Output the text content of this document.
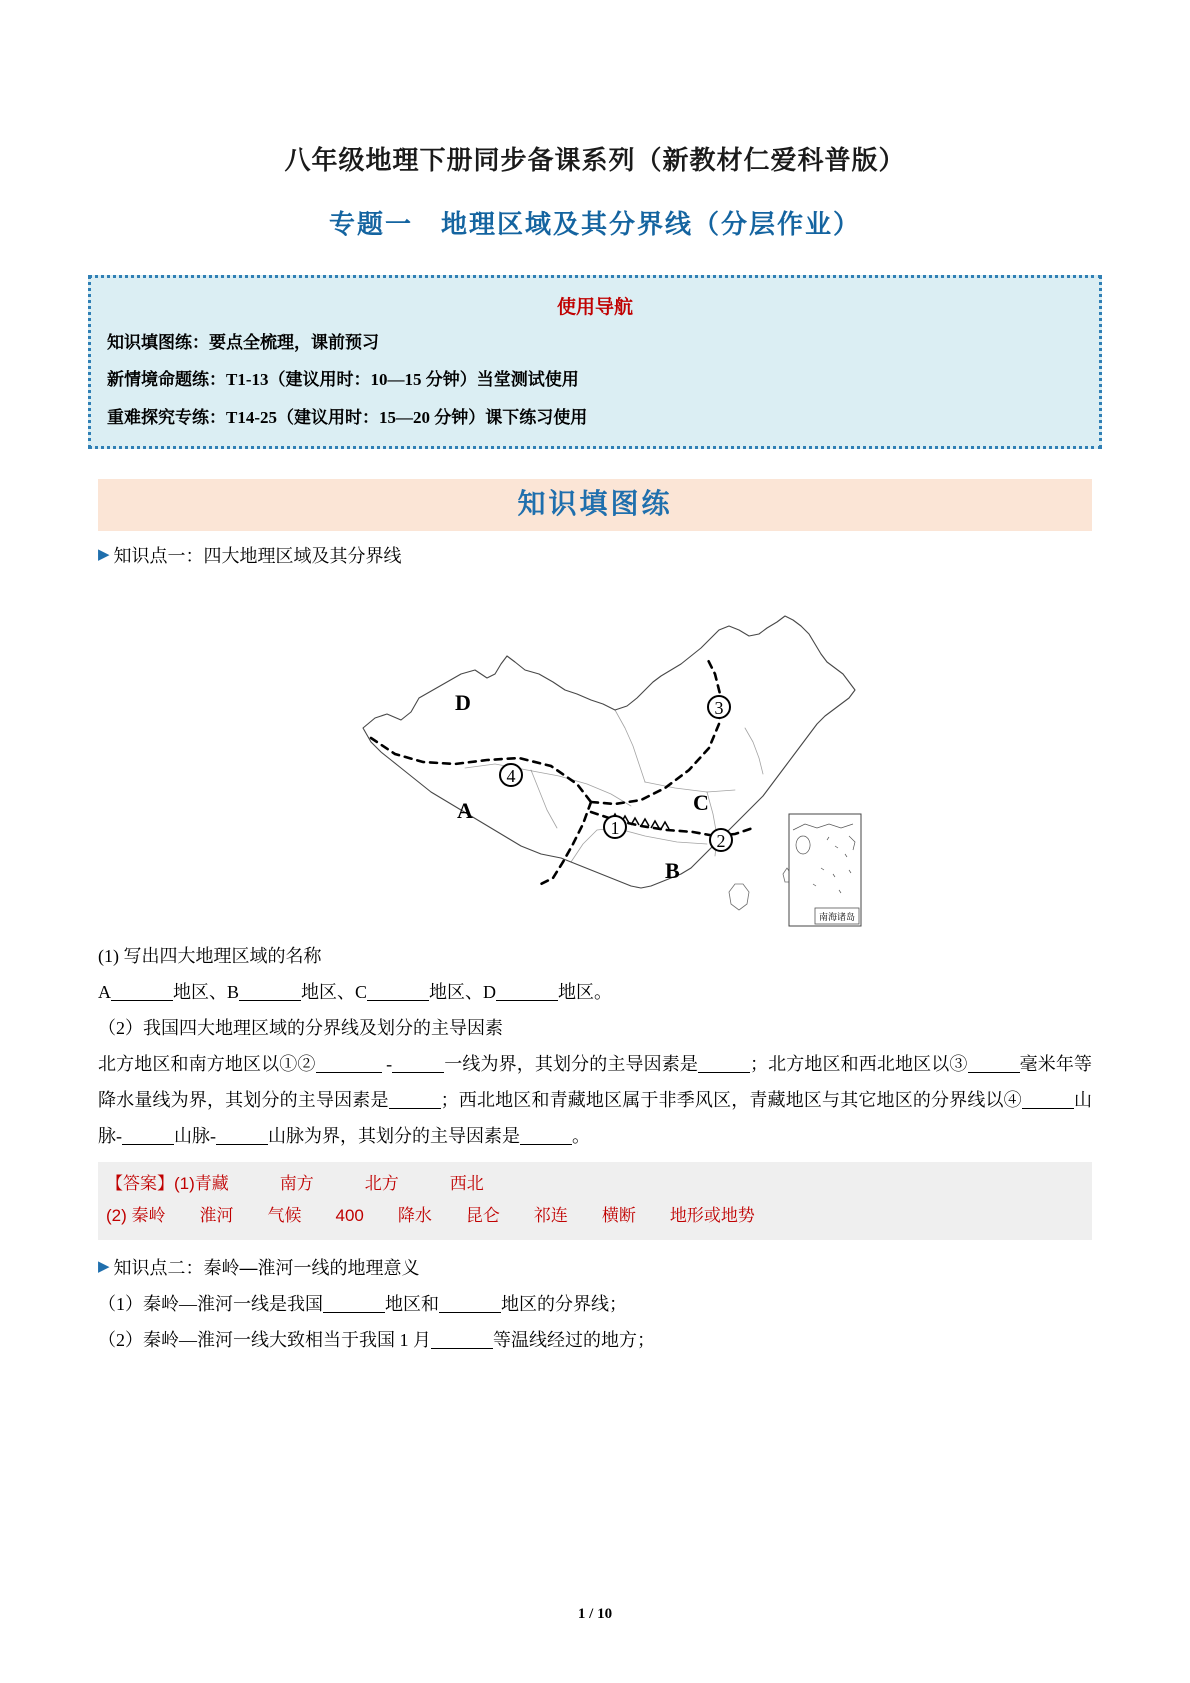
八年级地理下册同步备课系列（新教材仁爱科普版）
专题一　地理区域及其分界线（分层作业）
使用导航
知识填图练：要点全梳理，课前预习
新情境命题练：T1-13（建议用时：10—15 分钟）当堂测试使用
重难探究专练：T14-25（建议用时：15—20 分钟）课下练习使用
知识填图练
▶ 知识点一：四大地理区域及其分界线
D
A
B
C
1
2
3
4
南海诸岛
(1) 写出四大地理区域的名称
A	地区、B	地区、C	地区、D	地区。
（2）我国四大地理区域的分界线及划分的主导因素
北方地区和南方地区以①②	-	一线为界，其划分的主导因素是	；北方地区和西北地区以③	毫米年等降水量线为界，其划分的主导因素是	；西北地区和青藏地区属于非季风区，青藏地区与其它地区的分界线以④	山脉-	山脉-	山脉为界，其划分的主导因素是	。
【答案】(1)青藏　　　	南方　　　	北方　　　	西北
(2) 秦岭　　 淮河　　 气候　　 400　　 降水　　 昆仑　　 祁连　　 横断　　 地形或地势
▶ 知识点二：秦岭—淮河一线的地理意义
（1）秦岭—淮河一线是我国	地区和	地区的分界线；
（2）秦岭—淮河一线大致相当于我国 1 月	等温线经过的地方；
1 / 10
